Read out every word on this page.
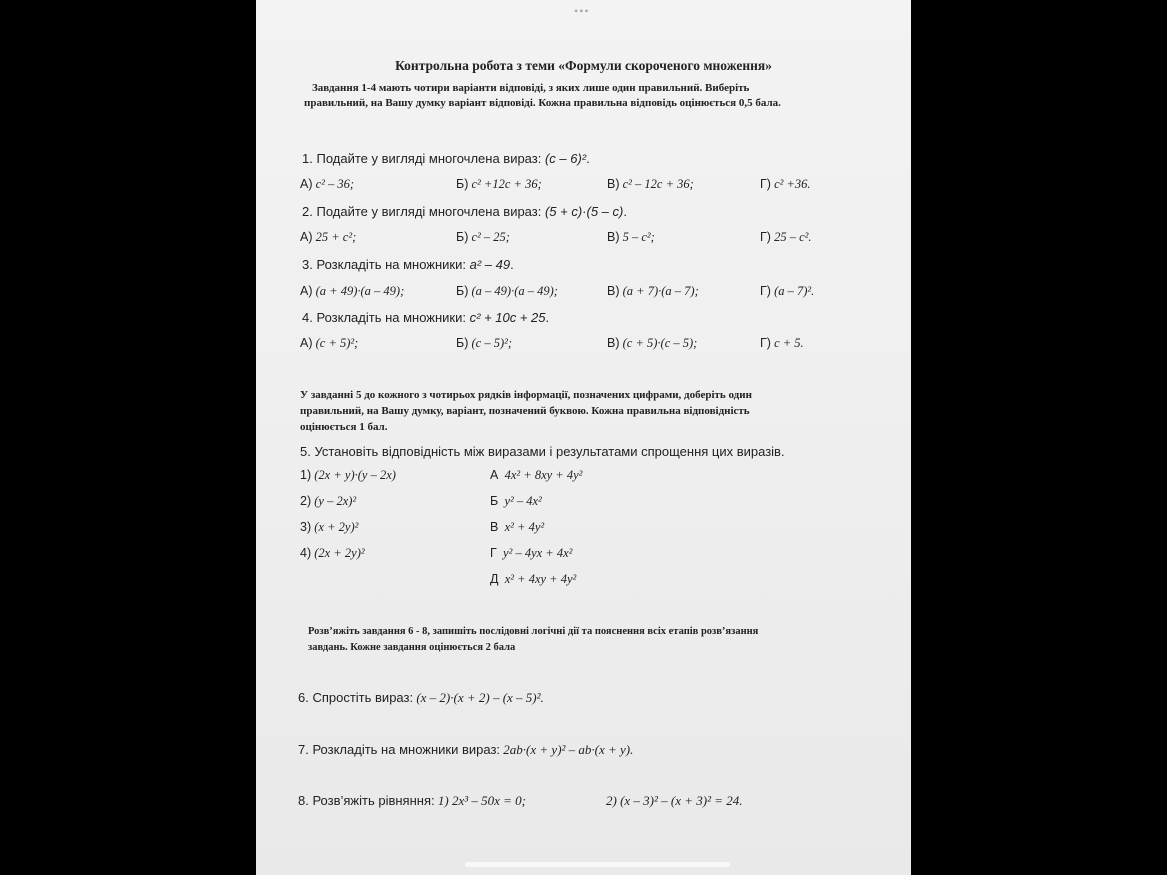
•••
Контрольна робота з теми «Формули скороченого множення»
Завдання 1-4 мають чотири варіанти відповіді, з яких лише один правильний. Виберіть
правильний, на Вашу думку варіант відповіді. Кожна правильна відповідь оцінюється 0,5 бала.
1. Подайте у вигляді многочлена вираз: (c – 6)².
А) c² – 36;	Б) c² +12c + 36;	В) c² – 12c + 36;	Г) c² +36.
2. Подайте у вигляді многочлена вираз: (5 + c)·(5 – c).
А) 25 + c²;	Б) c² – 25;	В) 5 – c²;	Г) 25 – c².
3. Розкладіть на множники: a² – 49.
А) (a + 49)·(a – 49);	Б) (a – 49)·(a – 49);	В) (a + 7)·(a – 7);	Г) (a – 7)².
4. Розкладіть на множники: c² + 10c + 25.
А) (c + 5)²;	Б) (c – 5)²;	В) (c + 5)·(c – 5);	Г) c + 5.
У завданні 5 до кожного з чотирьох рядків інформації, позначених цифрами, доберіть один
правильний, на Вашу думку, варіант, позначений буквою. Кожна правильна відповідність
оцінюється 1 бал.
5. Установіть відповідність між виразами і результатами спрощення цих виразів.
1) (2x + y)·(y – 2x)
2) (y – 2x)²
3) (x + 2y)²
4) (2x + 2y)²
А 4x² + 8xy + 4y²
Б y² – 4x²
В x² + 4y²
Г y² – 4yx + 4x²
Д x² + 4xy + 4y²
Розв’яжіть завдання 6 - 8, запишіть послідовні логічні дії та пояснення всіх етапів розв’язання
завдань. Кожне завдання оцінюється 2 бала
6. Спростіть вираз: (x – 2)·(x + 2) – (x – 5)².
7. Розкладіть на множники вираз: 2ab·(x + y)² – ab·(x + y).
8. Розв’яжіть рівняння: 1) 2x³ – 50x = 0;	2) (x – 3)² – (x + 3)² = 24.
